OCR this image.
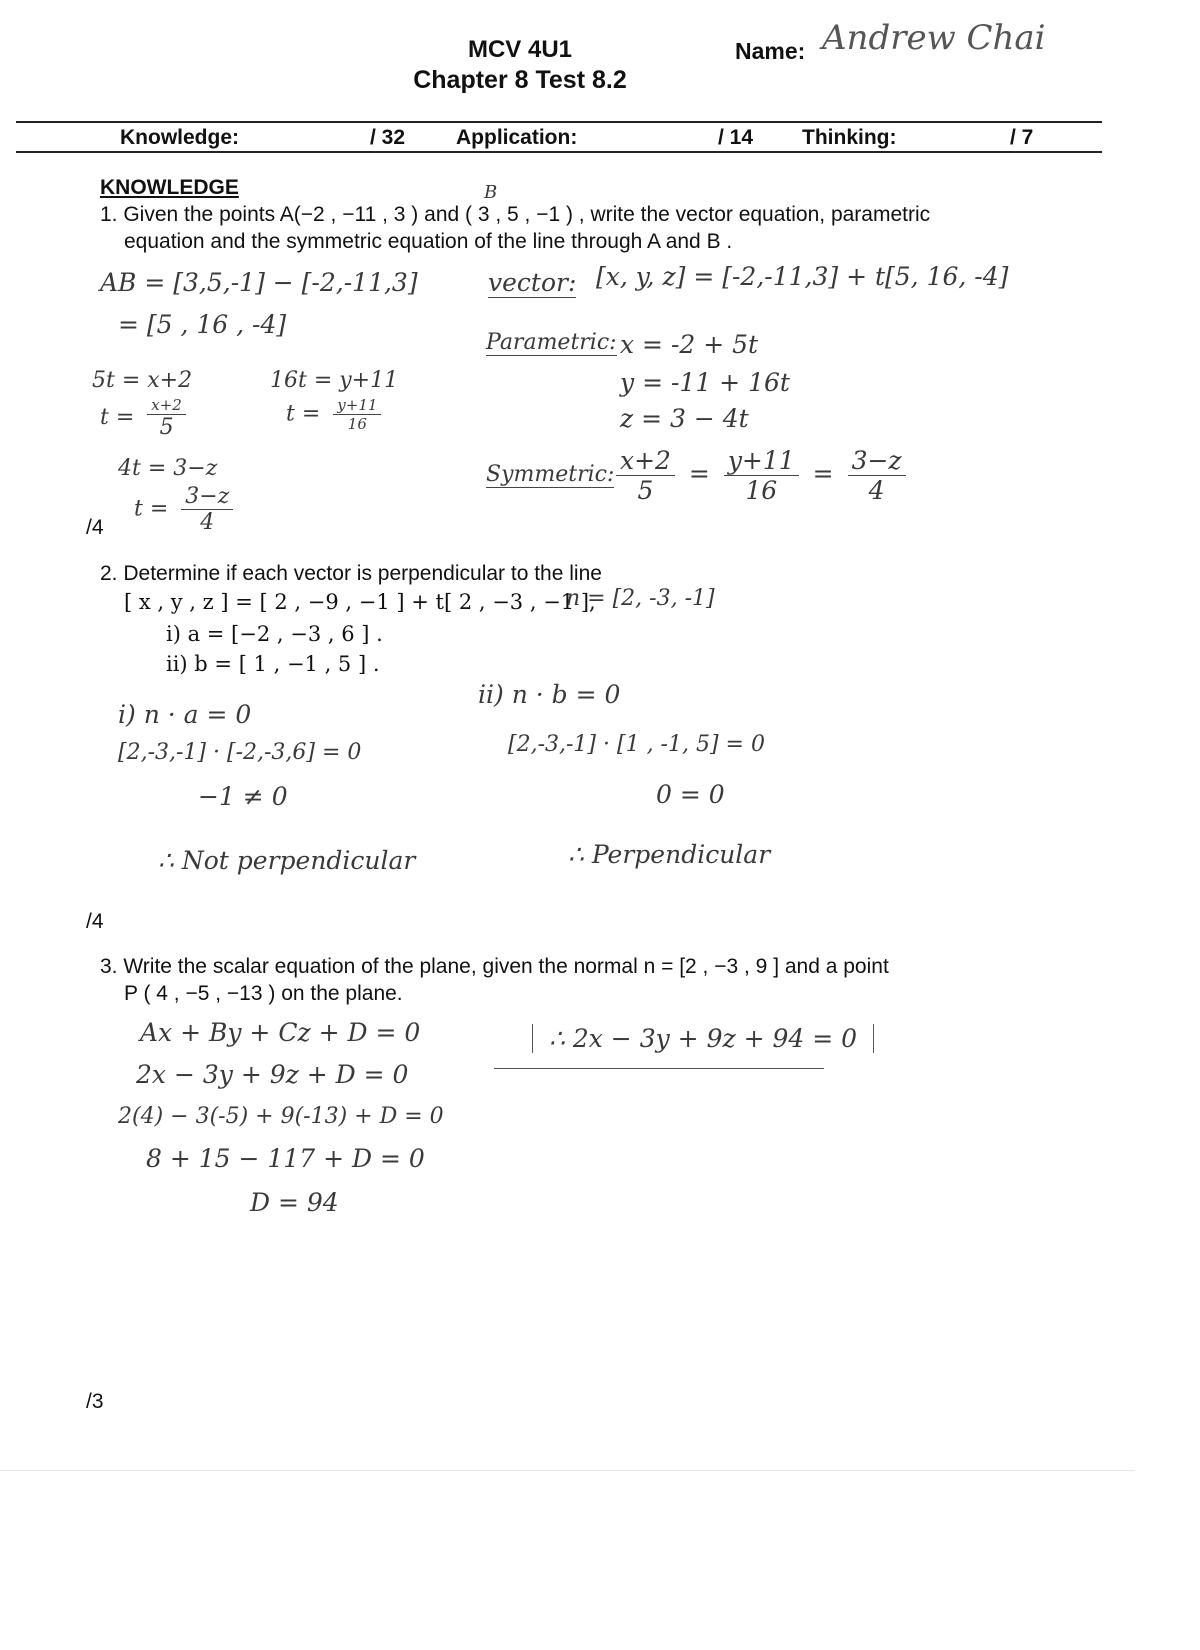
MCV 4U1
Chapter 8 Test 8.2
Name: Andrew Chai
Knowledge:	/ 32 Application:	/ 14 Thinking:	/ 7
KNOWLEDGE
1. Given the points A(−2 , −11 , 3 ) and ( 3 , 5 , −1 ) , write the vector equation, parametric
B
equation and the symmetric equation of the line through A and B .
AB = [3,5,-1] − [-2,-11,3]
= [5 , 16 , -4]
5t = x+2
$t = \frac{x+2}{5}$
16t = y+11
$t = \frac{y+11}{16}$
4t = 3−z
$t = \frac{3-z}{4}$
vector: [x, y, z] = [-2,-11,3] + t[5, 16, -4]
Parametric: x = -2 + 5t
y = -11 + 16t
z = 3 − 4t
Symmetric: $\frac{x+2}{5} = \frac{y+11}{16} = \frac{3-z}{4}$
/4
2. Determine if each vector is perpendicular to the line
[ x , y , z ] = [ 2 , −9 , −1 ] + t[ 2 , −3 , −1 ],
n = [2, -3, -1]
i) a = [−2 , −3 , 6 ] .
ii) b = [ 1 , −1 , 5 ] .
i) n · a = 0
[2,-3,-1] · [-2,-3,6] = 0
−1 ≠ 0
∴ Not perpendicular
ii) n · b = 0
[2,-3,-1] · [1 , -1, 5] = 0
0 = 0
∴ Perpendicular
/4
3. Write the scalar equation of the plane, given the normal n = [2 , −3 , 9 ] and a point
P ( 4 , −5 , −13 ) on the plane.
Ax + By + Cz + D = 0
2x − 3y + 9z + D = 0
2(4) − 3(-5) + 9(-13) + D = 0
8 + 15 − 117 + D = 0
D = 94
∴ 2x − 3y + 9z + 94 = 0
/3
